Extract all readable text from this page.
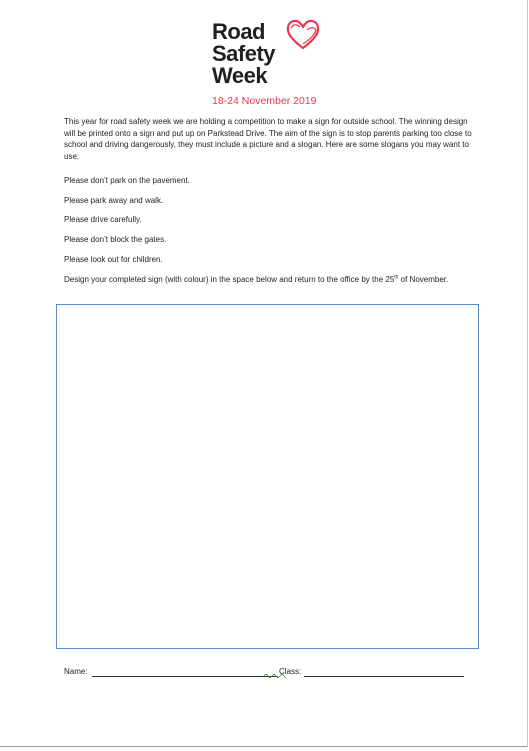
Road
Safety
Week
18-24 November 2019
This year for road safety week we are holding a competition to make a sign for outside school. The winning design will be printed onto a sign and put up on Parkstead Drive. The aim of the sign is to stop parents parking too close to school and driving dangerously, they must include a picture and a slogan. Here are some slogans you may want to use:
Please don’t park on the pavement.
Please park away and walk.
Please drive carefully.
Please don’t block the gates.
Please look out for children.
Design your completed sign (with colour) in the space below and return to the office by the 25th of November.
Name:	Class:
